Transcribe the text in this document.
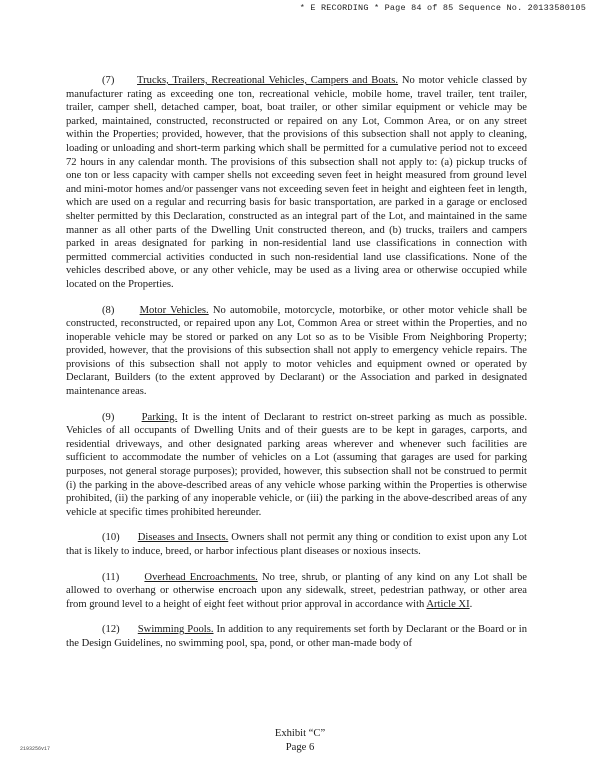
* E RECORDING * Page 84 of 85 Sequence No. 20133580105

(7) Trucks, Trailers, Recreational Vehicles, Campers and Boats. No motor vehicle classed by manufacturer rating as exceeding one ton, recreational vehicle, mobile home, travel trailer, tent trailer, trailer, camper shell, detached camper, boat, boat trailer, or other similar equipment or vehicle may be parked, maintained, constructed, reconstructed or repaired on any Lot, Common Area, or on any street within the Properties; provided, however, that the provisions of this subsection shall not apply to cleaning, loading or unloading and short-term parking which shall be permitted for a cumulative period not to exceed 72 hours in any calendar month. The provisions of this subsection shall not apply to: (a) pickup trucks of one ton or less capacity with camper shells not exceeding seven feet in height measured from ground level and mini-motor homes and/or passenger vans not exceeding seven feet in height and eighteen feet in length, which are used on a regular and recurring basis for basic transportation, are parked in a garage or enclosed shelter permitted by this Declaration, constructed as an integral part of the Lot, and maintained in the same manner as all other parts of the Dwelling Unit constructed thereon, and (b) trucks, trailers and campers parked in areas designated for parking in non-residential land use classifications in connection with permitted commercial activities conducted in such non-residential land use classifications. None of the vehicles described above, or any other vehicle, may be used as a living area or otherwise occupied while located on the Properties.

(8) Motor Vehicles. No automobile, motorcycle, motorbike, or other motor vehicle shall be constructed, reconstructed, or repaired upon any Lot, Common Area or street within the Properties, and no inoperable vehicle may be stored or parked on any Lot so as to be Visible From Neighboring Property; provided, however, that the provisions of this subsection shall not apply to emergency vehicle repairs. The provisions of this subsection shall not apply to motor vehicles and equipment owned or operated by Declarant, Builders (to the extent approved by Declarant) or the Association and parked in designated maintenance areas.

(9)	Parking. It is the intent of Declarant to restrict on-street parking as much as possible. Vehicles of all occupants of Dwelling Units and of their guests are to be kept in garages, carports, and residential driveways, and other designated parking areas wherever and whenever such facilities are sufficient to accommodate the number of vehicles on a Lot (assuming that garages are used for parking purposes, not general storage purposes); provided, however, this subsection shall not be construed to permit (i) the parking in the above-described areas of any vehicle whose parking within the Properties is otherwise prohibited, (ii) the parking of any inoperable vehicle, or (iii) the parking in the above-described areas of any vehicle at specific times prohibited hereunder.

(10) Diseases and Insects. Owners shall not permit any thing or condition to exist upon any Lot that is likely to induce, breed, or harbor infectious plant diseases or noxious insects.

(11) Overhead Encroachments. No tree, shrub, or planting of any kind on any Lot shall be allowed to overhang or otherwise encroach upon any sidewalk, street, pedestrian pathway, or other area from ground level to a height of eight feet without prior approval in accordance with Article XI.

(12) Swimming Pools. In addition to any requirements set forth by Declarant or the Board or in the Design Guidelines, no swimming pool, spa, pond, or other man-made body of

Exhibit “C”
Page 6
2193256v17
